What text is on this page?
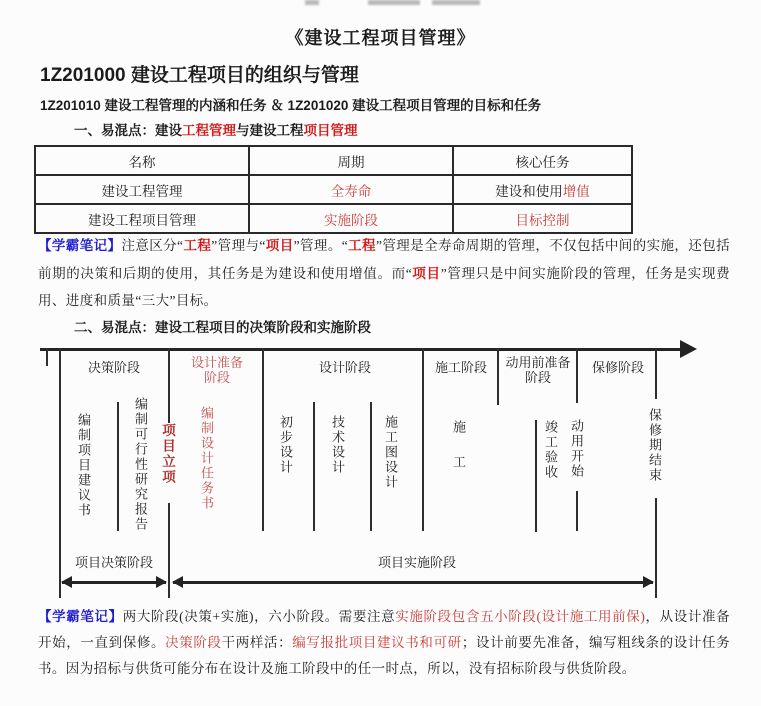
《建设工程项目管理》
1Z201000 建设工程项目的组织与管理
1Z201010 建设工程管理的内涵和任务 ＆ 1Z201020 建设工程项目管理的目标和任务
一、易混点：建设工程管理与建设工程项目管理
名称	周期	核心任务
建设工程管理	全寿命	建设和使用增值
建设工程项目管理	实施阶段	目标控制
【学霸笔记】注意区分“工程”管理与“项目”管理。“工程”管理是全寿命周期的管理，不仅包括中间的实施，还包括前期的决策和后期的使用，其任务是为建设和使用增值。而“项目”管理只是中间实施阶段的管理，任务是实现费用、进度和质量“三大”目标。
二、易混点：建设工程项目的决策阶段和实施阶段
决策阶段	设计准备阶段
设计阶段	施工阶段	动用前准备阶段
保修阶段
编制项目建议书	编制可行性研究报告 项目立项 编制设计任务书	初步设计	技术设计	施工图设计	施工	竣工验收 动用开始	保修期结束
项目决策阶段	项目实施阶段
【学霸笔记】两大阶段(决策+实施)，六小阶段。需要注意实施阶段包含五小阶段(设计施工用前保)，从设计准备开始，一直到保修。决策阶段干两样活：编写报批项目建议书和可研；设计前要先准备，编写粗线条的设计任务书。因为招标与供货可能分布在设计及施工阶段中的任一时点，所以，没有招标阶段与供货阶段。
